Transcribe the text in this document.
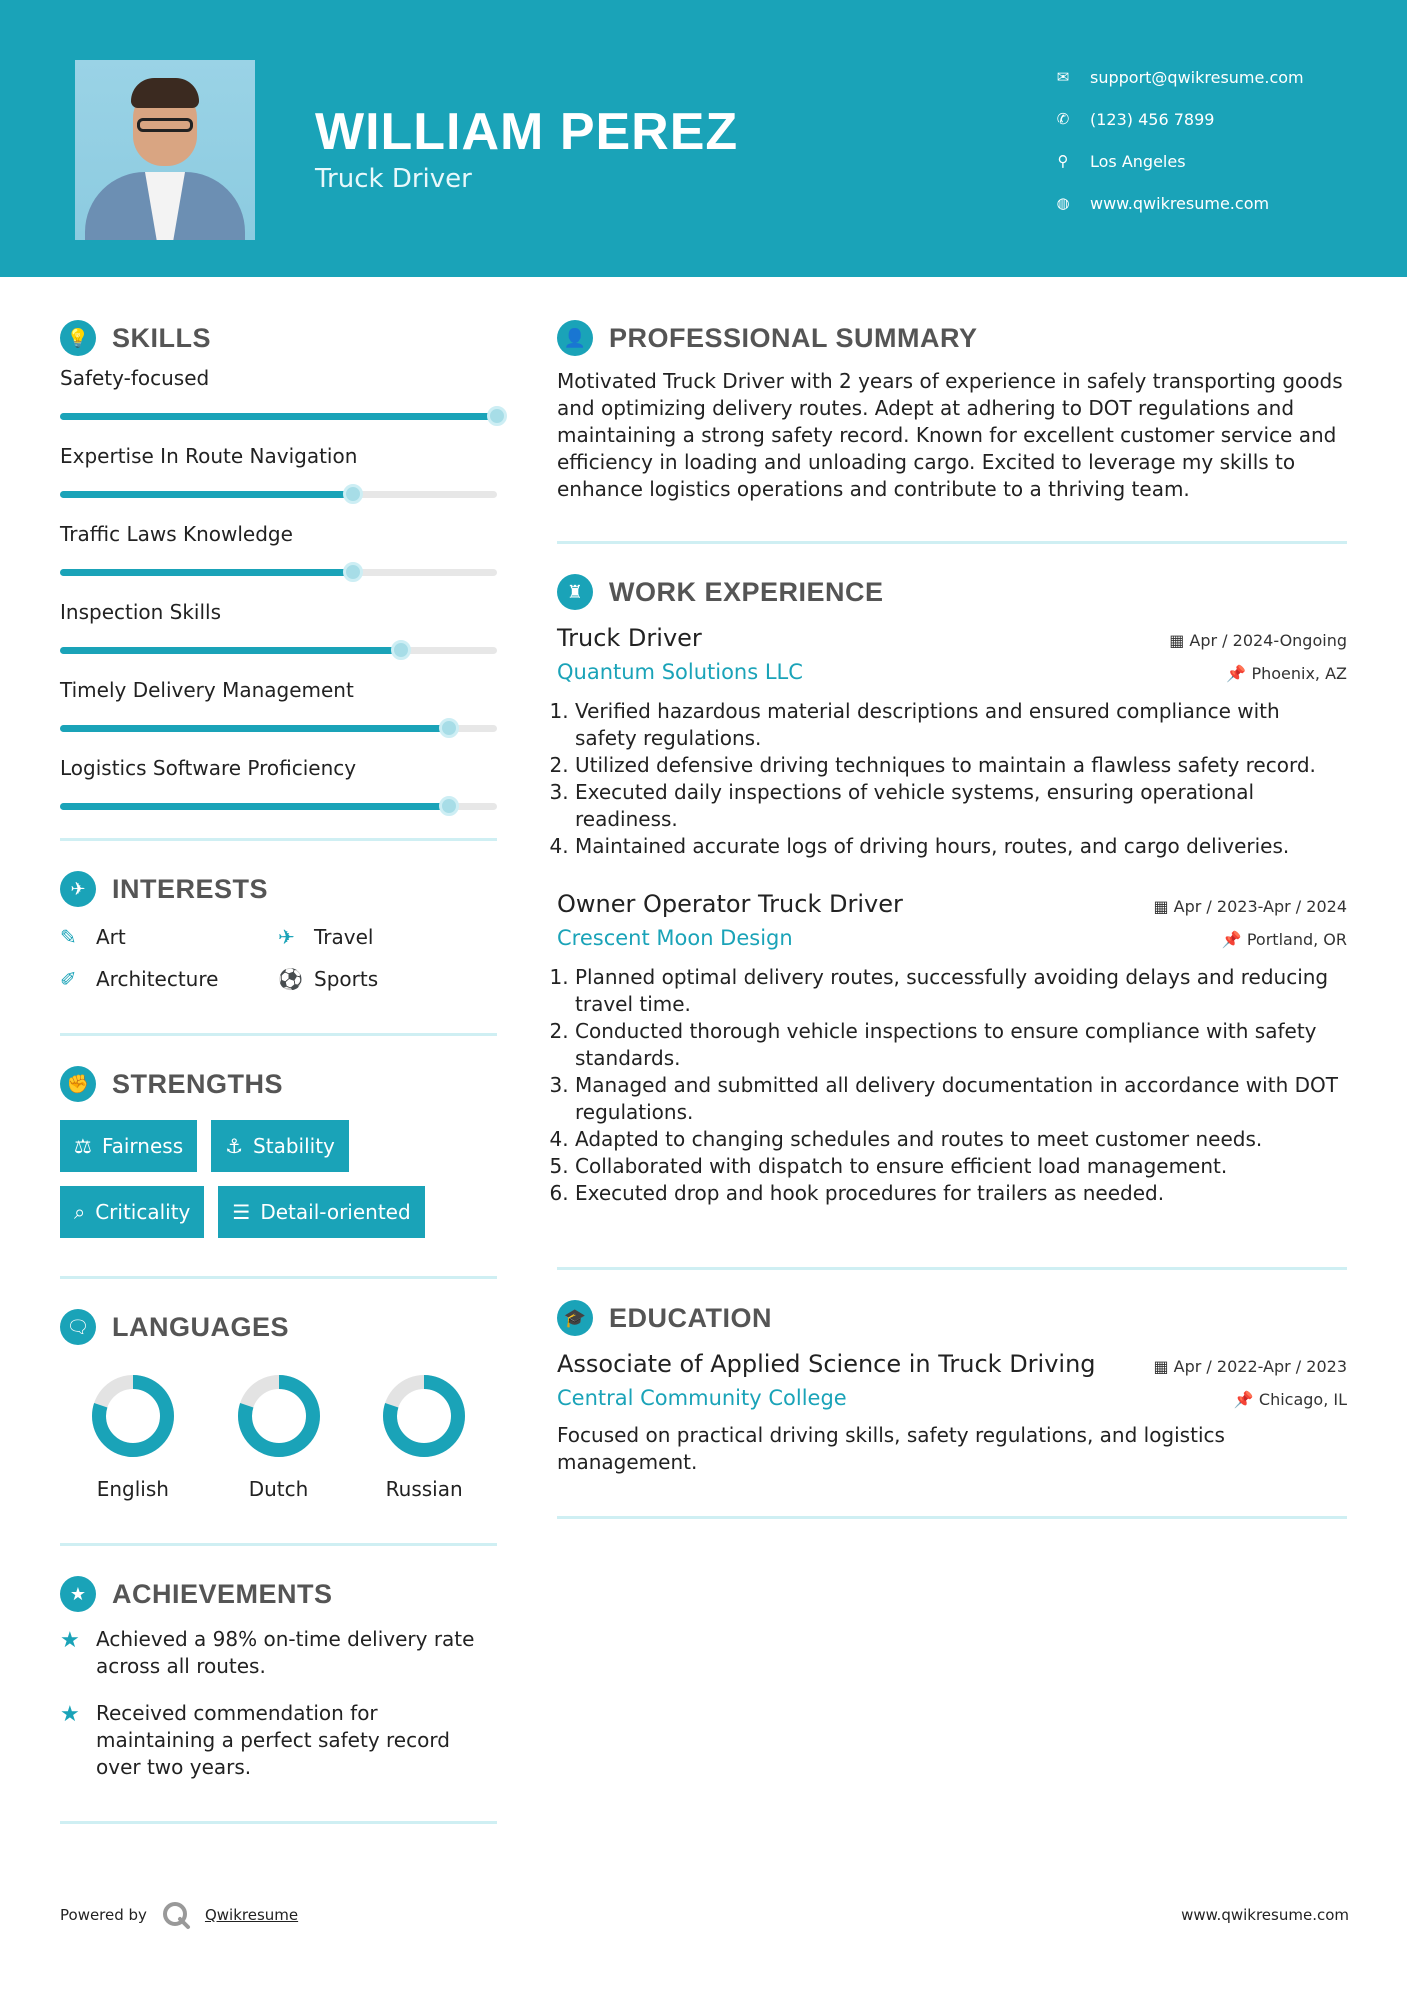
WILLIAM PEREZ
Truck Driver
✉ support@qwikresume.com
✆ (123) 456 7899
⚲ Los Angeles
◍ www.qwikresume.com
💡 SKILLS
Safety-focused
Expertise In Route Navigation
Traffic Laws Knowledge
Inspection Skills
Timely Delivery Management
Logistics Software Proficiency
✈ INTERESTS
✎ Art	✈ Travel
✐ Architecture	⚽ Sports
✊ STRENGTHS
⚖ Fairness ⚓ Stability
⌕ Criticality ☰ Detail-oriented
🗨 LANGUAGES
English	Dutch	Russian
★ ACHIEVEMENTS
★ Achieved a 98% on-time delivery rate across all routes.
★ Received commendation for maintaining a perfect safety record over two years.
👤 PROFESSIONAL SUMMARY

Motivated Truck Driver with 2 years of experience in safely transporting goods and optimizing delivery routes. Adept at adhering to DOT regulations and maintaining a strong safety record. Known for excellent customer service and efficiency in loading and unloading cargo. Excited to leverage my skills to enhance logistics operations and contribute to a thriving team.

♜ WORK EXPERIENCE
Truck Driver	▦ Apr / 2024-Ongoing
Quantum Solutions LLC	📌 Phoenix, AZ
1. Verified hazardous material descriptions and ensured compliance with safety regulations.
2. Utilized defensive driving techniques to maintain a flawless safety record.
3. Executed daily inspections of vehicle systems, ensuring operational readiness.
4. Maintained accurate logs of driving hours, routes, and cargo deliveries.
Owner Operator Truck Driver	▦ Apr / 2023-Apr / 2024
Crescent Moon Design	📌 Portland, OR
1. Planned optimal delivery routes, successfully avoiding delays and reducing travel time.
2. Conducted thorough vehicle inspections to ensure compliance with safety standards.
3. Managed and submitted all delivery documentation in accordance with DOT regulations.
4. Adapted to changing schedules and routes to meet customer needs.
5. Collaborated with dispatch to ensure efficient load management.
6. Executed drop and hook procedures for trailers as needed.
🎓 EDUCATION
Associate of Applied Science in Truck Driving	▦ Apr / 2022-Apr / 2023
Central Community College	📌 Chicago, IL

Focused on practical driving skills, safety regulations, and logistics management.

Powered by	Qwikresume	www.qwikresume.com
